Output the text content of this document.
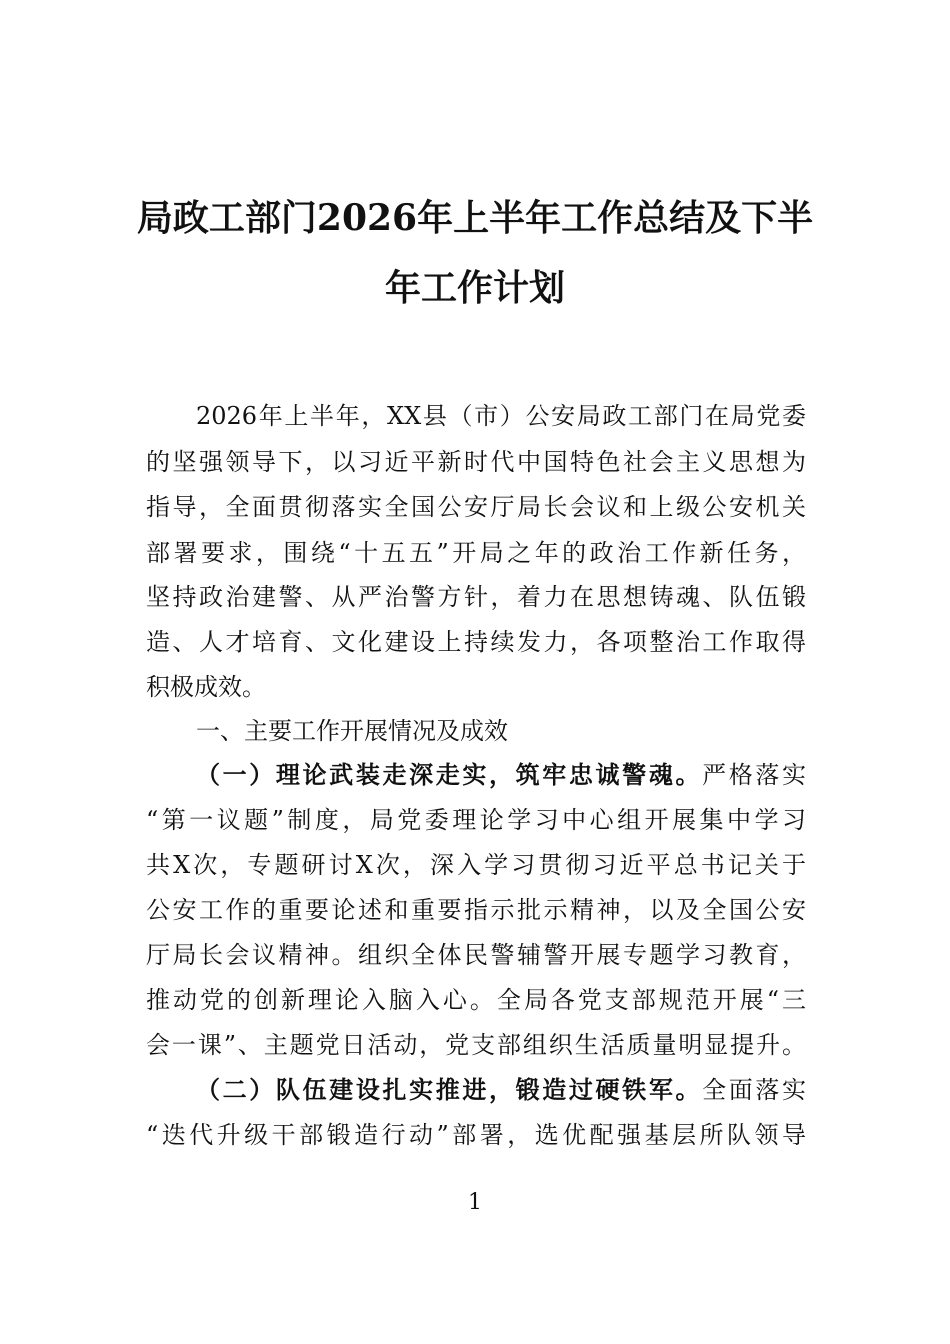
局政工部门2026年上半年工作总结及下半
年工作计划
2026年上半年，XX县（市）公安局政工部门在局党委
的坚强领导下，以习近平新时代中国特色社会主义思想为
指导，全面贯彻落实全国公安厅局长会议和上级公安机关
部署要求，围绕“十五五”开局之年的政治工作新任务，
坚持政治建警、从严治警方针，着力在思想铸魂、队伍锻
造、人才培育、文化建设上持续发力，各项整治工作取得
积极成效。
一、主要工作开展情况及成效
（一）理论武装走深走实，筑牢忠诚警魂。严格落实
“第一议题”制度，局党委理论学习中心组开展集中学习
共X次，专题研讨X次，深入学习贯彻习近平总书记关于
公安工作的重要论述和重要指示批示精神，以及全国公安
厅局长会议精神。组织全体民警辅警开展专题学习教育，
推动党的创新理论入脑入心。全局各党支部规范开展“三
会一课”、主题党日活动，党支部组织生活质量明显提升。
（二）队伍建设扎实推进，锻造过硬铁军。全面落实
“迭代升级干部锻造行动”部署，选优配强基层所队领导
1
